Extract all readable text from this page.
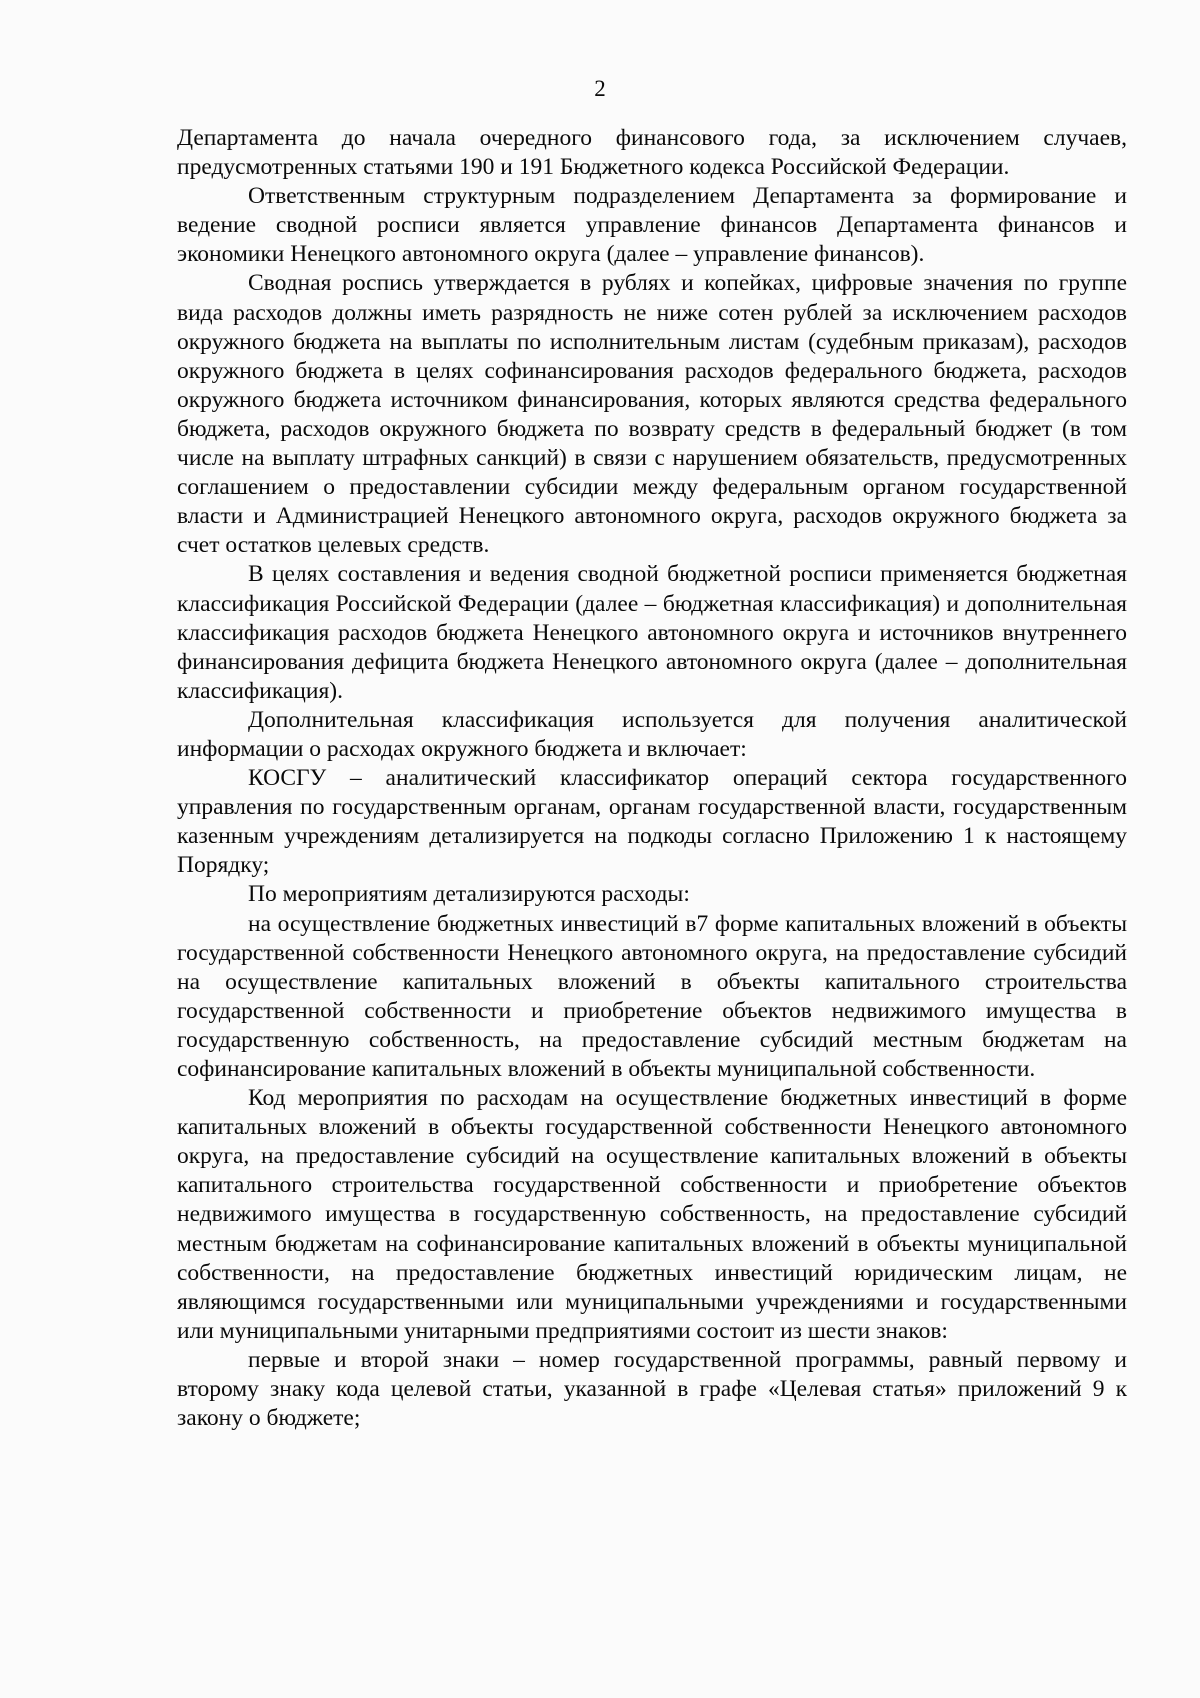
2

Департамента до начала очередного финансового года, за исключением случаев, предусмотренных статьями 190 и 191 Бюджетного кодекса Российской Федерации.

Ответственным структурным подразделением Департамента за формирование и ведение сводной росписи является управление финансов Департамента финансов и экономики Ненецкого автономного округа (далее – управление финансов).

Сводная роспись утверждается в рублях и копейках, цифровые значения по группе вида расходов должны иметь разрядность не ниже сотен рублей за исключением расходов окружного бюджета на выплаты по исполнительным листам (судебным приказам), расходов окружного бюджета в целях софинансирования расходов федерального бюджета, расходов окружного бюджета источником финансирования, которых являются средства федерального бюджета, расходов окружного бюджета по возврату средств в федеральный бюджет (в том числе на выплату штрафных санкций) в связи с нарушением обязательств, предусмотренных соглашением о предоставлении субсидии между федеральным органом государственной власти и Администрацией Ненецкого автономного округа, расходов окружного бюджета за счет остатков целевых средств.

В целях составления и ведения сводной бюджетной росписи применяется бюджетная классификация Российской Федерации (далее – бюджетная классификация) и дополнительная классификация расходов бюджета Ненецкого автономного округа и источников внутреннего финансирования дефицита бюджета Ненецкого автономного округа (далее – дополнительная классификация).

Дополнительная классификация используется для получения аналитической информации о расходах окружного бюджета и включает:

КОСГУ – аналитический классификатор операций сектора государственного управления по государственным органам, органам государственной власти, государственным казенным учреждениям детализируется на подкоды согласно Приложению 1 к настоящему Порядку;

По мероприятиям детализируются расходы:

на осуществление бюджетных инвестиций в7 форме капитальных вложений в объекты государственной собственности Ненецкого автономного округа, на предоставление субсидий на осуществление капитальных вложений в объекты капитального строительства государственной собственности и приобретение объектов недвижимого имущества в государственную собственность, на предоставление субсидий местным бюджетам на софинансирование капитальных вложений в объекты муниципальной собственности.

Код мероприятия по расходам на осуществление бюджетных инвестиций в форме капитальных вложений в объекты государственной собственности Ненецкого автономного округа, на предоставление субсидий на осуществление капитальных вложений в объекты капитального строительства государственной собственности и приобретение объектов недвижимого имущества в государственную собственность, на предоставление субсидий местным бюджетам на софинансирование капитальных вложений в объекты муниципальной собственности, на предоставление бюджетных инвестиций юридическим лицам, не являющимся государственными или муниципальными учреждениями и государственными или муниципальными унитарными предприятиями состоит из шести знаков:

первые и второй знаки – номер государственной программы, равный первому и второму знаку кода целевой статьи, указанной в графе «Целевая статья» приложений 9 к закону о бюджете;
